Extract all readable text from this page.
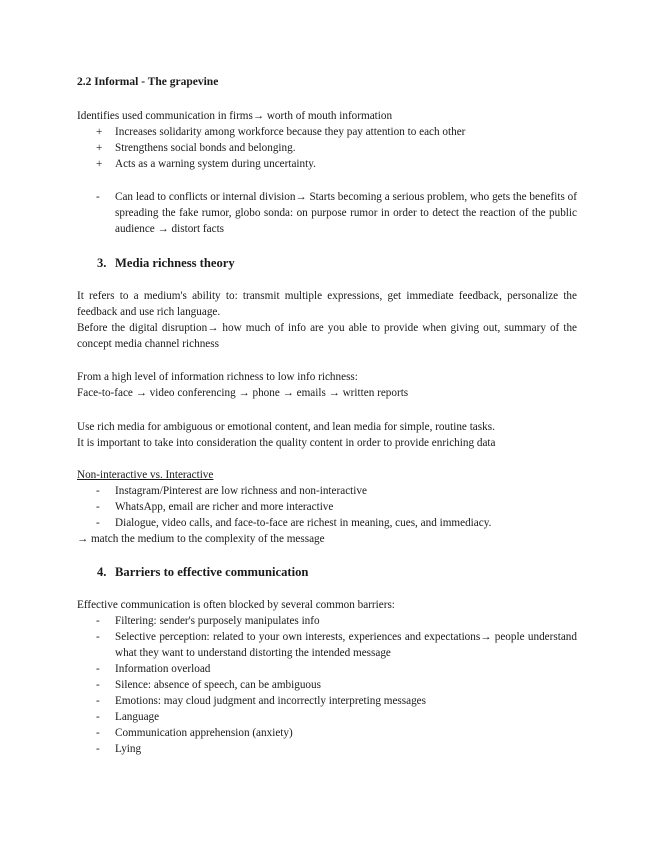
2.2 Informal - The grapevine

Identifies used communication in firms→ worth of mouth information

+ Increases solidarity among workforce because they pay attention to each other
+ Strengthens social bonds and belonging.
+ Acts as a warning system during uncertainty.
- Can lead to conflicts or internal division→ Starts becoming a serious problem, who gets the benefits of spreading the fake rumor, globo sonda: on purpose rumor in order to detect the reaction of the public audience → distort facts
3. Media richness theory

It refers to a medium's ability to: transmit multiple expressions, get immediate feedback, personalize the feedback and use rich language.

Before the digital disruption→ how much of info are you able to provide when giving out, summary of the concept media channel richness

From a high level of information richness to low info richness:

Face-to-face → video conferencing → phone → emails → written reports

Use rich media for ambiguous or emotional content, and lean media for simple, routine tasks.

It is important to take into consideration the quality content in order to provide enriching data

Non-interactive vs. Interactive

- Instagram/Pinterest are low richness and non-interactive
- WhatsApp, email are richer and more interactive
- Dialogue, video calls, and face-to-face are richest in meaning, cues, and immediacy.

→ match the medium to the complexity of the message

4. Barriers to effective communication

Effective communication is often blocked by several common barriers:

- Filtering: sender's purposely manipulates info
- Selective perception: related to your own interests, experiences and expectations→ people understand what they want to understand distorting the intended message
- Information overload
- Silence: absence of speech, can be ambiguous
- Emotions: may cloud judgment and incorrectly interpreting messages
- Language
- Communication apprehension (anxiety)
- Lying
